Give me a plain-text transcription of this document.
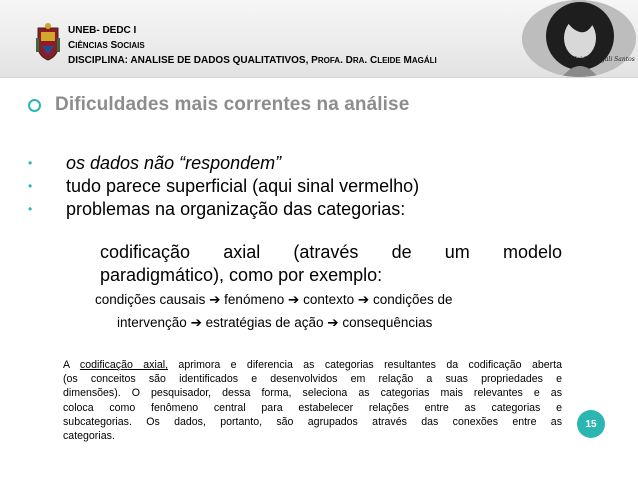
UNEB- DEDC I
CIÊNCIAS SOCIAIS
DISCIPLINA: ANALISE DE DADOS QUALITATIVOS, PROFA. DRA. CLEIDE MAGÁLI	Cleide Magáli Santos
Dificuldades mais correntes na análise
• os dados não “respondem”
• tudo parece superficial (aqui sinal vermelho)
• problemas na organização das categorias:
codificação axial (através de um modelo
paradigmático), como por exemplo:
condições causais ➔ fenómeno ➔ contexto ➔ condições de
intervenção ➔ estratégias de ação ➔ consequências
A codificação axial, aprimora e diferencia as categorias resultantes da codificação aberta
(os conceitos são identificados e desenvolvidos em relação a suas propriedades e
dimensões). O pesquisador, dessa forma, seleciona as categorias mais relevantes e as
coloca como fenômeno central para estabelecer relações entre as categorias e
subcategorias. Os dados, portanto, são agrupados através das conexões entre as
categorias.
15
